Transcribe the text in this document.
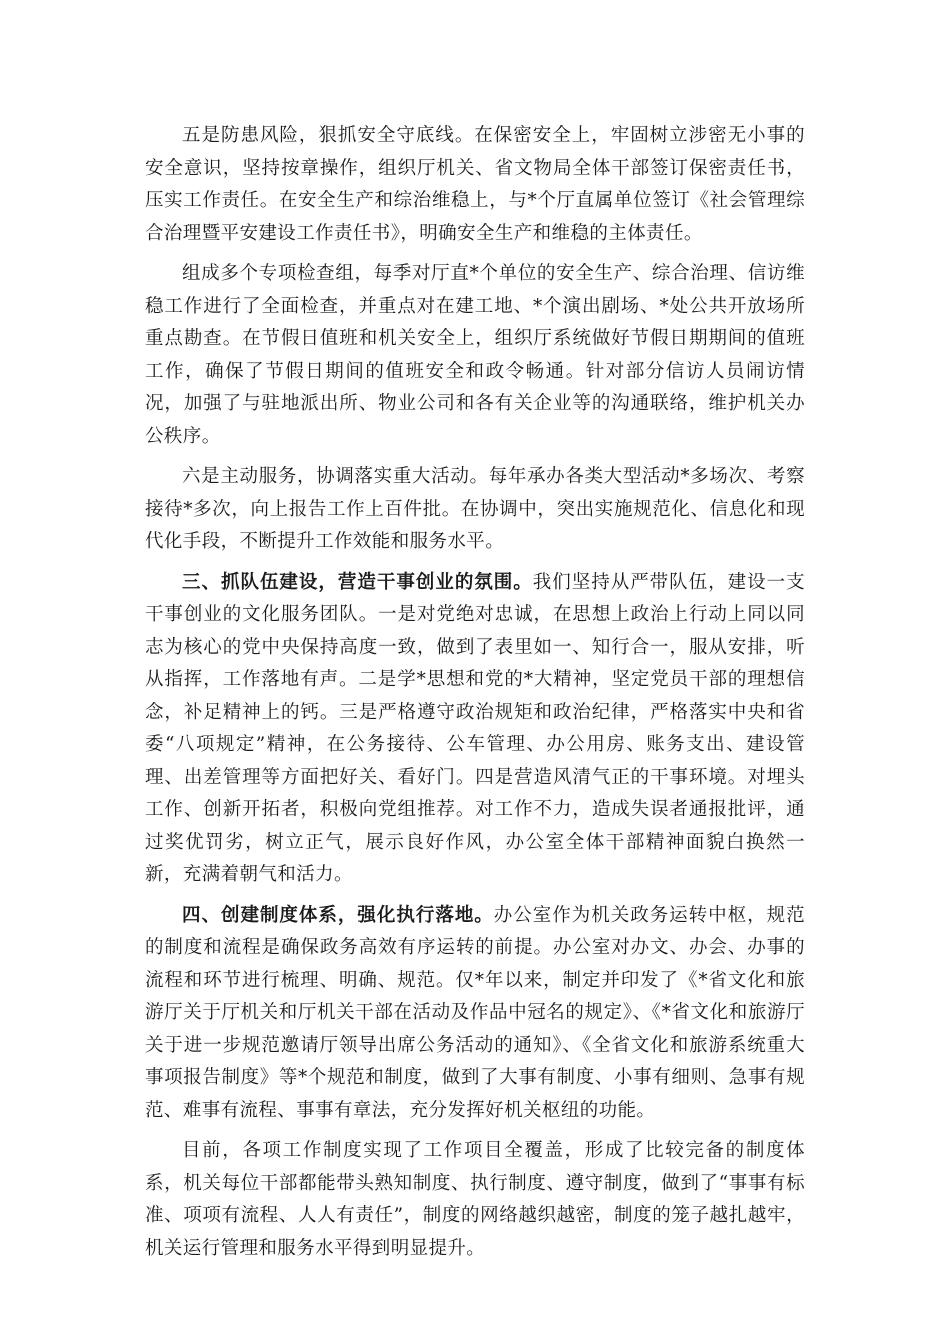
五是防患风险，狠抓安全守底线。在保密安全上，牢固树立涉密无小事的安全意识，坚持按章操作，组织厅机关、省文物局全体干部签订保密责任书，压实工作责任。在安全生产和综治维稳上，与*个厅直属单位签订《社会管理综合治理暨平安建设工作责任书》，明确安全生产和维稳的主体责任。

组成多个专项检查组，每季对厅直*个单位的安全生产、综合治理、信访维稳工作进行了全面检查，并重点对在建工地、*个演出剧场、*处公共开放场所重点勘查。在节假日值班和机关安全上，组织厅系统做好节假日期期间的值班工作，确保了节假日期间的值班安全和政令畅通。针对部分信访人员闹访情况，加强了与驻地派出所、物业公司和各有关企业等的沟通联络，维护机关办公秩序。

六是主动服务，协调落实重大活动。每年承办各类大型活动*多场次、考察接待*多次，向上报告工作上百件批。在协调中，突出实施规范化、信息化和现代化手段，不断提升工作效能和服务水平。

三、抓队伍建设，营造干事创业的氛围。我们坚持从严带队伍，建设一支干事创业的文化服务团队。一是对党绝对忠诚，在思想上政治上行动上同以同志为核心的党中央保持高度一致，做到了表里如一、知行合一，服从安排，听从指挥，工作落地有声。二是学*思想和党的*大精神，坚定党员干部的理想信念，补足精神上的钙。三是严格遵守政治规矩和政治纪律，严格落实中央和省委“八项规定”精神，在公务接待、公车管理、办公用房、账务支出、建设管理、出差管理等方面把好关、看好门。四是营造风清气正的干事环境。对埋头工作、创新开拓者，积极向党组推荐。对工作不力，造成失误者通报批评，通过奖优罚劣，树立正气，展示良好作风，办公室全体干部精神面貌白换然一新，充满着朝气和活力。

四、创建制度体系，强化执行落地。办公室作为机关政务运转中枢，规范的制度和流程是确保政务高效有序运转的前提。办公室对办文、办会、办事的流程和环节进行梳理、明确、规范。仅*年以来，制定并印发了《*省文化和旅游厅关于厅机关和厅机关干部在活动及作品中冠名的规定》、《*省文化和旅游厅关于进一步规范邀请厅领导出席公务活动的通知》、《全省文化和旅游系统重大事项报告制度》等*个规范和制度，做到了大事有制度、小事有细则、急事有规范、难事有流程、事事有章法，充分发挥好机关枢纽的功能。

目前，各项工作制度实现了工作项目全覆盖，形成了比较完备的制度体系，机关每位干部都能带头熟知制度、执行制度、遵守制度，做到了“事事有标准、项项有流程、人人有责任”，制度的网络越织越密，制度的笼子越扎越牢，机关运行管理和服务水平得到明显提升。
